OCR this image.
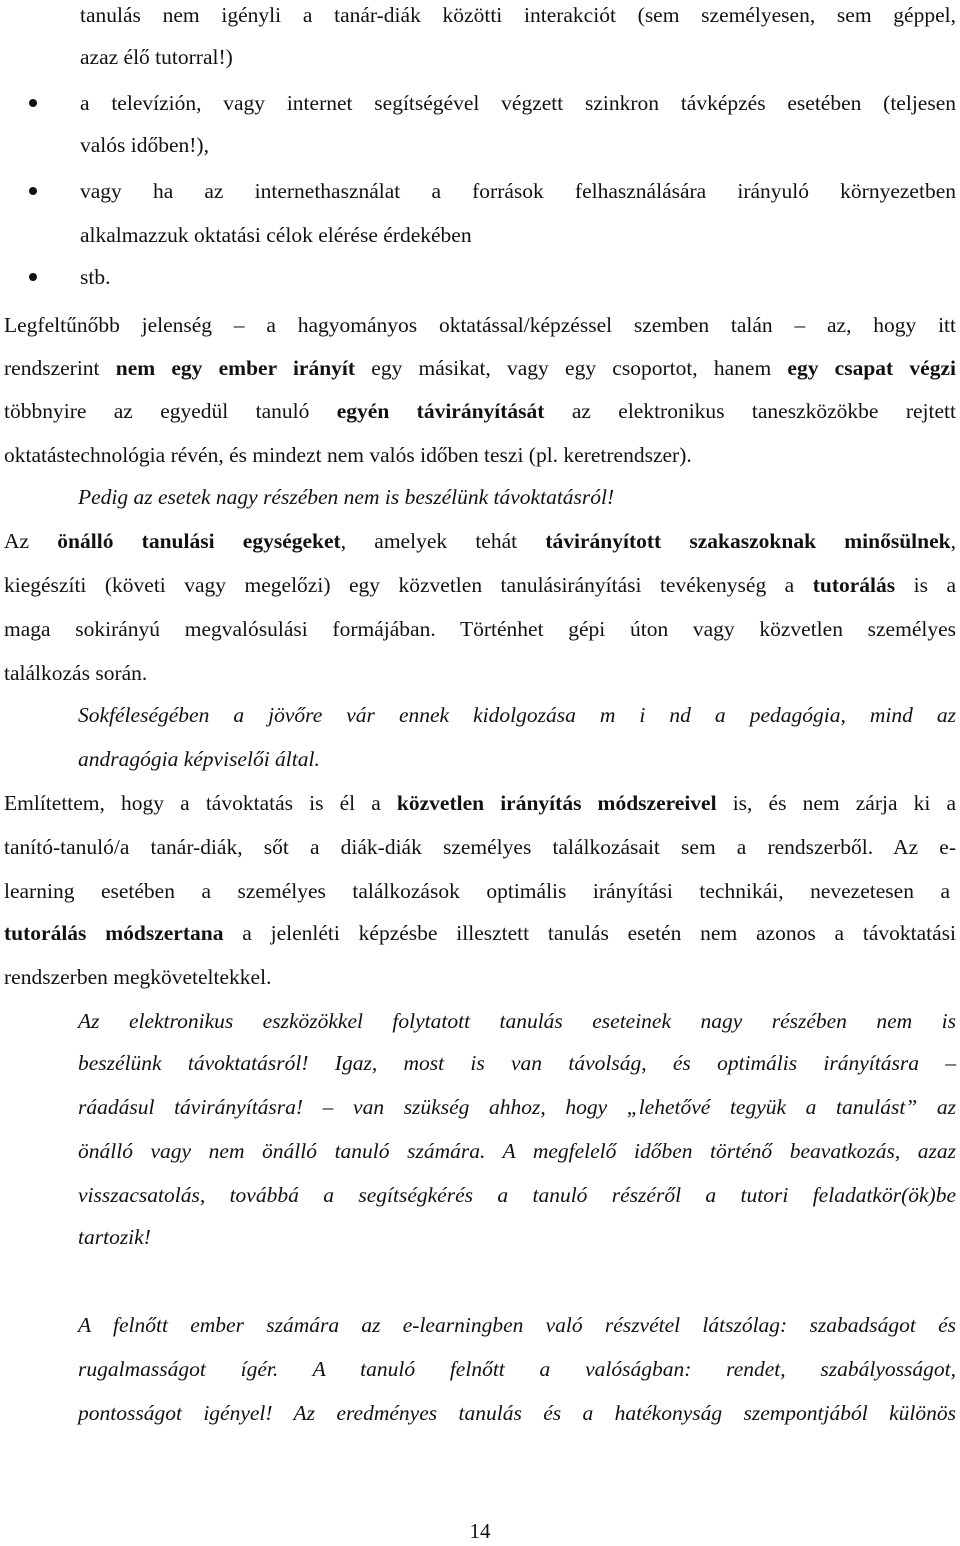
tanulás nem igényli a tanár-diák közötti interakciót (sem személyesen, sem géppel,
azaz élő tutorral!)
a televízión, vagy internet segítségével végzett szinkron távképzés esetében (teljesen
valós időben!),
vagy ha az internethasználat a források felhasználására irányuló környezetben
alkalmazzuk oktatási célok elérése érdekében
stb.
Legfeltűnőbb jelenség – a hagyományos oktatással/képzéssel szemben talán – az, hogy itt
rendszerint nem egy ember irányít egy másikat, vagy egy csoportot, hanem egy csapat végzi
többnyire az egyedül tanuló egyén távirányítását az elektronikus taneszközökbe rejtett
oktatástechnológia révén, és mindezt nem valós időben teszi (pl. keretrendszer).
Pedig az esetek nagy részében nem is beszélünk távoktatásról!
Az önálló tanulási egységeket, amelyek tehát távirányított szakaszoknak minősülnek,
kiegészíti (követi vagy megelőzi) egy közvetlen tanulásirányítási tevékenység a tutorálás is a
maga sokirányú megvalósulási formájában. Történhet gépi úton vagy közvetlen személyes
találkozás során.
Sokféleségében a jövőre vár ennek kidolgozása m i nd a pedagógia, mind az
andragógia képviselői által.
Említettem, hogy a távoktatás is él a közvetlen irányítás módszereivel is, és nem zárja ki a
tanító-tanuló/a tanár-diák, sőt a diák-diák személyes találkozásait sem a rendszerből. Az e-
learning esetében a személyes találkozások optimális irányítási technikái, nevezetesen a
tutorálás módszertana a jelenléti képzésbe illesztett tanulás esetén nem azonos a távoktatási
rendszerben megköveteltekkel.
Az elektronikus eszközökkel folytatott tanulás eseteinek nagy részében nem is
beszélünk távoktatásról! Igaz, most is van távolság, és optimális irányításra –
ráadásul távirányításra! – van szükség ahhoz, hogy „lehetővé tegyük a tanulást” az
önálló vagy nem önálló tanuló számára. A megfelelő időben történő beavatkozás, azaz
visszacsatolás, továbbá a segítségkérés a tanuló részéről a tutori feladatkör(ök)be
tartozik!
A felnőtt ember számára az e-learningben való részvétel látszólag: szabadságot és
rugalmasságot ígér. A tanuló felnőtt a valóságban: rendet, szabályosságot,
pontosságot igényel! Az eredményes tanulás és a hatékonyság szempontjából különös
14
